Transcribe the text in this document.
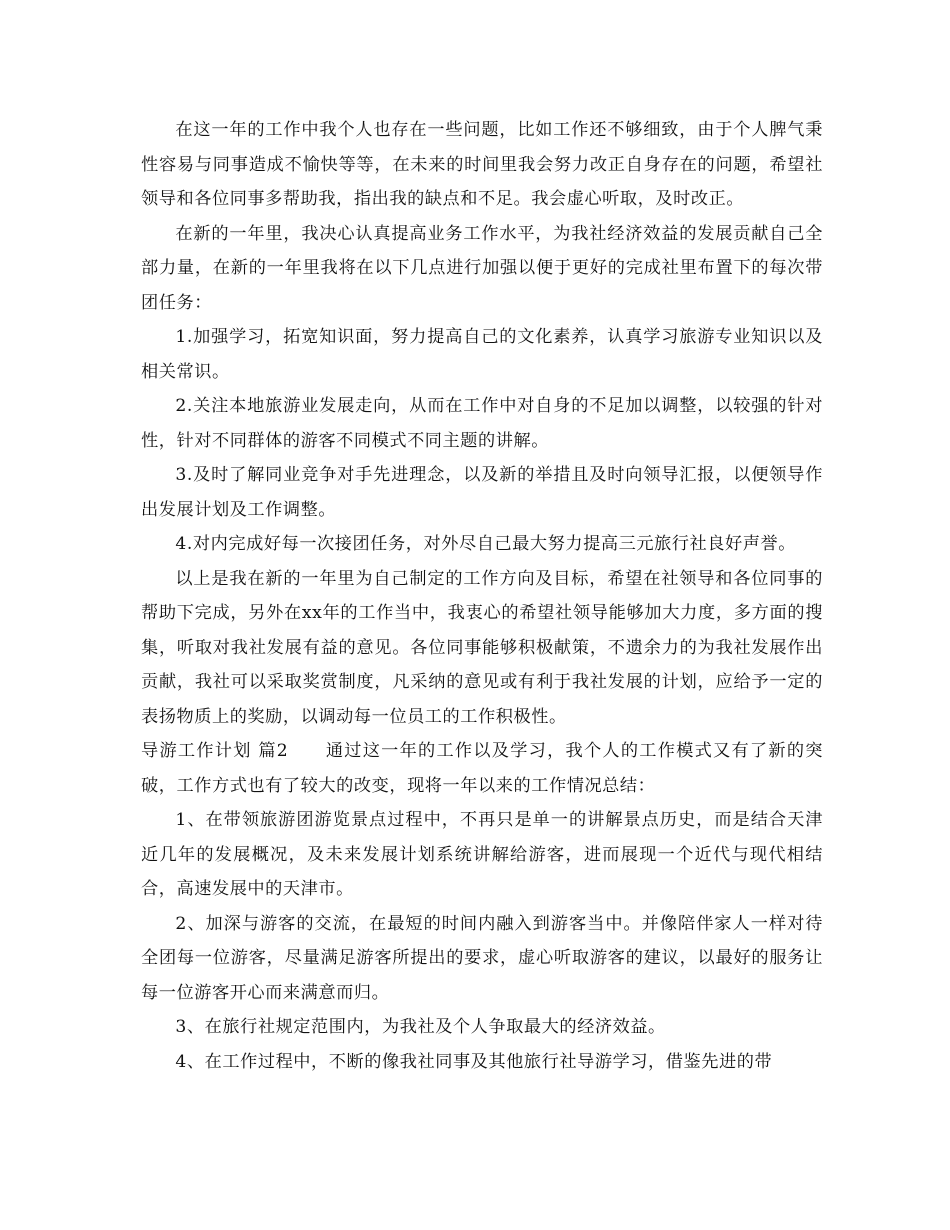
在这一年的工作中我个人也存在一些问题，比如工作还不够细致，由于个人脾气秉性容易与同事造成不愉快等等，在未来的时间里我会努力改正自身存在的问题，希望社领导和各位同事多帮助我，指出我的缺点和不足。我会虚心听取，及时改正。

在新的一年里，我决心认真提高业务工作水平，为我社经济效益的发展贡献自己全部力量，在新的一年里我将在以下几点进行加强以便于更好的完成社里布置下的每次带团任务：

1.加强学习，拓宽知识面，努力提高自己的文化素养，认真学习旅游专业知识以及相关常识。

2.关注本地旅游业发展走向，从而在工作中对自身的不足加以调整，以较强的针对性，针对不同群体的游客不同模式不同主题的讲解。

3.及时了解同业竞争对手先进理念，以及新的举措且及时向领导汇报，以便领导作出发展计划及工作调整。

4.对内完成好每一次接团任务，对外尽自己最大努力提高三元旅行社良好声誉。

以上是我在新的一年里为自己制定的工作方向及目标，希望在社领导和各位同事的帮助下完成，另外在xx年的工作当中，我衷心的希望社领导能够加大力度，多方面的搜集，听取对我社发展有益的意见。各位同事能够积极献策，不遗余力的为我社发展作出贡献，我社可以采取奖赏制度，凡采纳的意见或有利于我社发展的计划，应给予一定的表扬物质上的奖励，以调动每一位员工的工作积极性。

导游工作计划 篇2　　 通过这一年的工作以及学习，我个人的工作模式又有了新的突破，工作方式也有了较大的改变，现将一年以来的工作情况总结：

1、在带领旅游团游览景点过程中，不再只是单一的讲解景点历史，而是结合天津近几年的发展概况，及未来发展计划系统讲解给游客，进而展现一个近代与现代相结合，高速发展中的天津市。

2、加深与游客的交流，在最短的时间内融入到游客当中。并像陪伴家人一样对待全团每一位游客，尽量满足游客所提出的要求，虚心听取游客的建议，以最好的服务让每一位游客开心而来满意而归。

3、在旅行社规定范围内，为我社及个人争取最大的经济效益。

4、在工作过程中，不断的像我社同事及其他旅行社导游学习，借鉴先进的带
